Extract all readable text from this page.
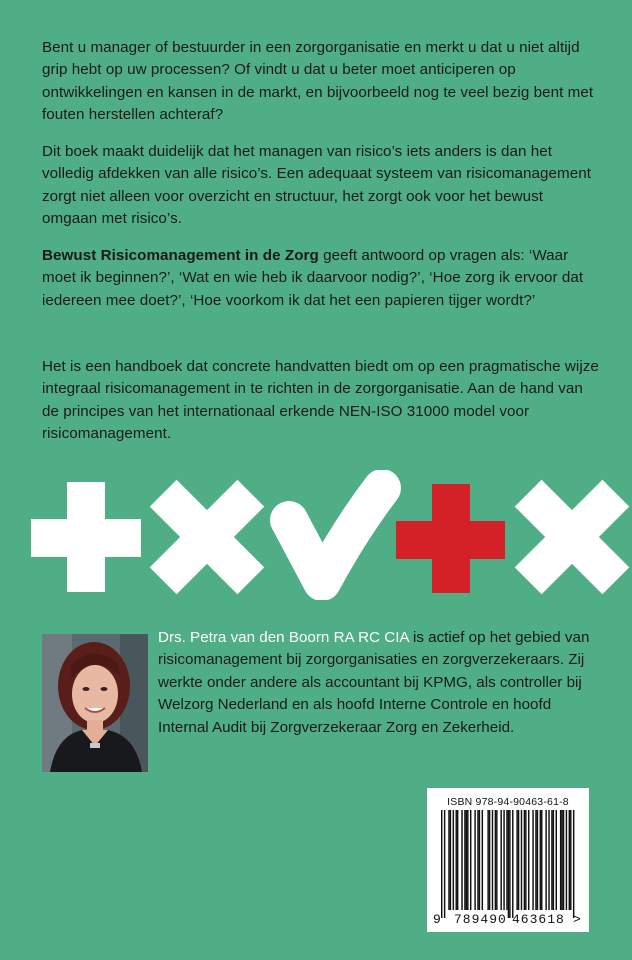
Bent u manager of bestuurder in een zorgorganisatie en merkt u dat u niet altijd grip hebt op uw processen? Of vindt u dat u beter moet anticiperen op ontwikkelingen en kansen in de markt, en bijvoorbeeld nog te veel bezig bent met fouten herstellen achteraf?
Dit boek maakt duidelijk dat het managen van risico’s iets anders is dan het volledig afdekken van alle risico’s. Een adequaat systeem van risicomanagement zorgt niet alleen voor overzicht en structuur, het zorgt ook voor het bewust omgaan met risico’s.
Bewust Risicomanagement in de Zorg geeft antwoord op vragen als: ‘Waar moet ik beginnen?’, ‘Wat en wie heb ik daarvoor nodig?’, ‘Hoe zorg ik ervoor dat iedereen mee doet?’, ‘Hoe voorkom ik dat het een papieren tijger wordt?’
Het is een handboek dat concrete handvatten biedt om op een pragmatische wijze integraal risicomanagement in te richten in de zorgorganisatie. Aan de hand van de principes van het internationaal erkende NEN-ISO 31000 model voor risicomanagement.
Drs. Petra van den Boorn RA RC CIA is actief op het gebied van risicomanagement bij zorgorganisaties en zorgverzekeraars. Zij werkte onder andere als accountant bij KPMG, als controller bij Welzorg Nederland en als hoofd Interne Controle en hoofd Internal Audit bij Zorgverzekeraar Zorg en Zekerheid.
ISBN 978-94-90463-61-8
9 789490 463618 >
